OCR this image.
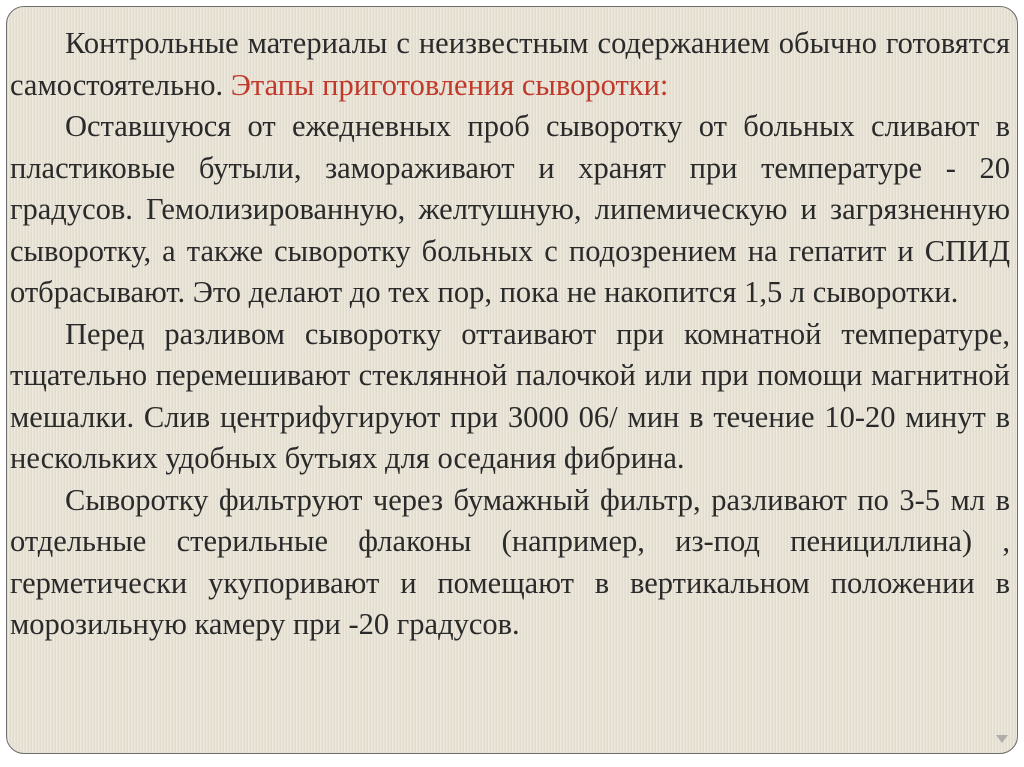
Контрольные материалы с неизвестным содержанием обычно готовятся самостоятельно. Этапы приготовления сыворотки:

Оставшуюся от ежедневных проб сыворотку от больных сливают в пластиковые бутыли, замораживают и хранят при температуре - 20 градусов. Гемолизированную, желтушную, липемическую и загрязненную сыворотку, а также сыворотку больных с подозрением на гепатит и СПИД отбрасывают. Это делают до тех пор, пока не накопится 1,5 л сыворотки.

Перед разливом сыворотку оттаивают при комнатной температуре, тщательно перемешивают стеклянной палочкой или при помощи магнитной мешалки. Слив центрифугируют при 3000 06/ мин в течение 10-20 минут в нескольких удобных бутыях для оседания фибрина.

Сыворотку фильтруют через бумажный фильтр, разливают по 3-5 мл в отдельные стерильные флаконы (например, из-под пенициллина) , герметически укупоривают и помещают в вертикальном положении в морозильную камеру при -20 градусов.
